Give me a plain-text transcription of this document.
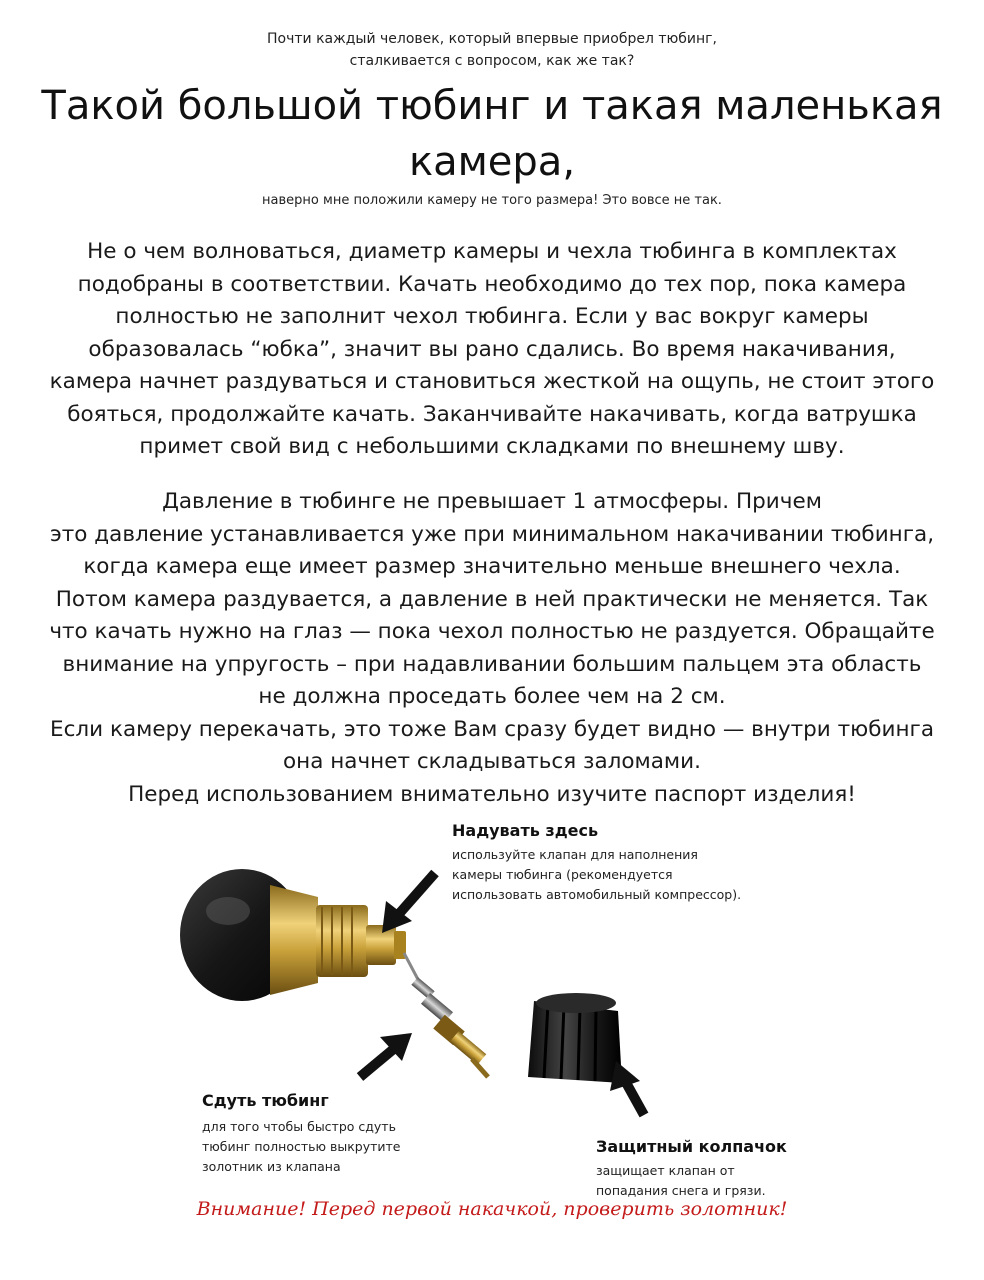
Почти каждый человек, который впервые приобрел тюбинг,
сталкивается с вопросом, как же так?
Такой большой тюбинг и такая маленькая
камера,
наверно мне положили камеру не того размера! Это вовсе не так.
Не о чем волноваться, диаметр камеры и чехла тюбинга в комплектах
подобраны в соответствии. Качать необходимо до тех пор, пока камера
полностью не заполнит чехол тюбинга. Если у вас вокруг камеры
образовалась “юбка”, значит вы рано сдались. Во время накачивания,
камера начнет раздуваться и становиться жесткой на ощупь, не стоит этого
бояться, продолжайте качать. Заканчивайте накачивать, когда ватрушка
примет свой вид с небольшими складками по внешнему шву.
Давление в тюбинге не превышает 1 атмосферы. Причем
это давление устанавливается уже при минимальном накачивании тюбинга,
когда камера еще имеет размер значительно меньше внешнего чехла.
Потом камера раздувается, а давление в ней практически не меняется. Так
что качать нужно на глаз — пока чехол полностью не раздуется. Обращайте
внимание на упругость – при надавливании большим пальцем эта область
не должна проседать более чем на 2 см.
Если камеру перекачать, это тоже Вам сразу будет видно — внутри тюбинга
она начнет складываться заломами.
Перед использованием внимательно изучите паспорт изделия!
Надувать здесь
используйте клапан для наполнения
камеры тюбинга (рекомендуется
использовать автомобильный компрессор).
Сдуть тюбинг
для того чтобы быстро сдуть
тюбинг полностью выкрутите
золотник из клапана
Защитный колпачок
защищает клапан от
попадания снега и грязи.
Внимание! Перед первой накачкой, проверить золотник!
